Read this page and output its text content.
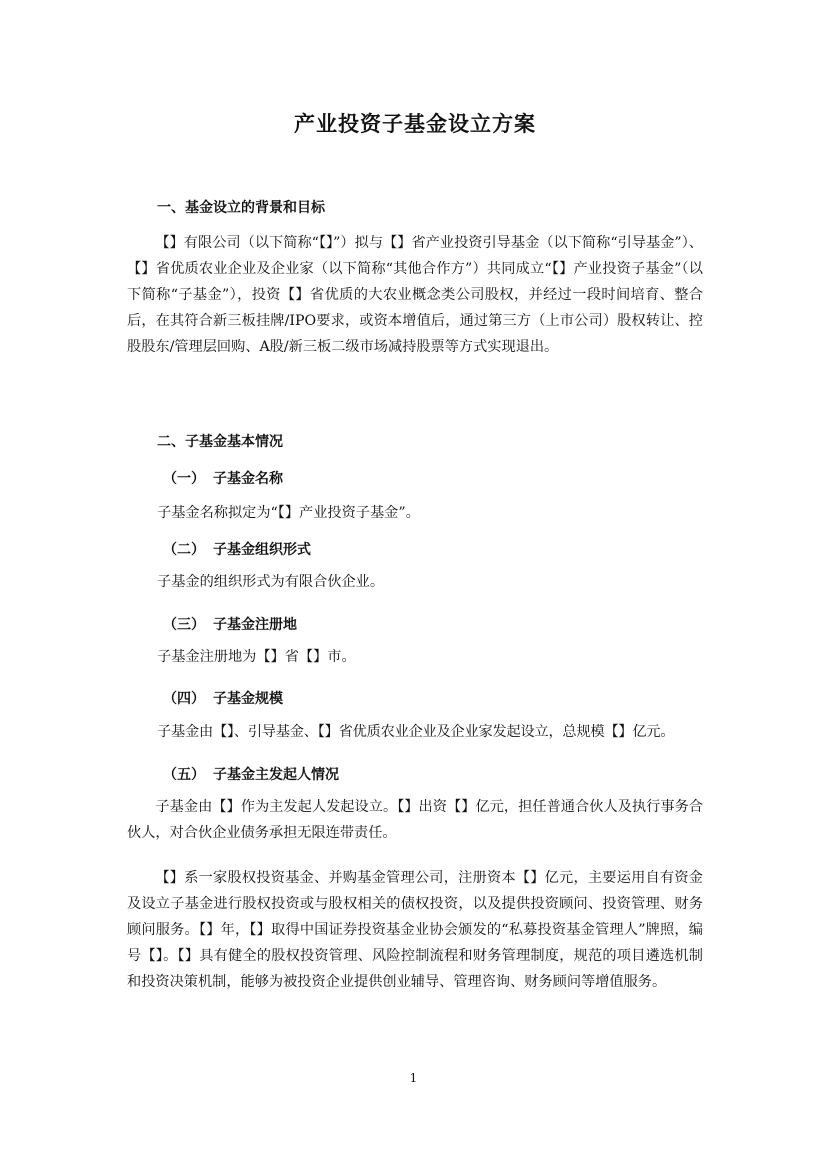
产业投资子基金设立方案
一、基金设立的背景和目标

【】有限公司（以下简称“【】”）拟与【】省产业投资引导基金（以下简称“引导基金”）、【】省优质农业企业及企业家（以下简称“其他合作方”）共同成立“【】产业投资子基金”（以下简称“子基金”），投资【】省优质的大农业概念类公司股权，并经过一段时间培育、整合后，在其符合新三板挂牌/IPO要求，或资本增值后，通过第三方（上市公司）股权转让、控股股东/管理层回购、A股/新三板二级市场减持股票等方式实现退出。

二、子基金基本情况
（一） 子基金名称

子基金名称拟定为“【】产业投资子基金”。

（二） 子基金组织形式

子基金的组织形式为有限合伙企业。

（三） 子基金注册地

子基金注册地为【】省【】市。

（四） 子基金规模

子基金由【】、引导基金、【】省优质农业企业及企业家发起设立，总规模【】亿元。

（五） 子基金主发起人情况

子基金由【】作为主发起人发起设立。【】出资【】亿元，担任普通合伙人及执行事务合伙人，对合伙企业债务承担无限连带责任。

【】系一家股权投资基金、并购基金管理公司，注册资本【】亿元，主要运用自有资金及设立子基金进行股权投资或与股权相关的债权投资，以及提供投资顾问、投资管理、财务顾问服务。【】年，【】取得中国证券投资基金业协会颁发的“私募投资基金管理人”牌照，编号【】。【】具有健全的股权投资管理、风险控制流程和财务管理制度，规范的项目遴选机制和投资决策机制，能够为被投资企业提供创业辅导、管理咨询、财务顾问等增值服务。

1
